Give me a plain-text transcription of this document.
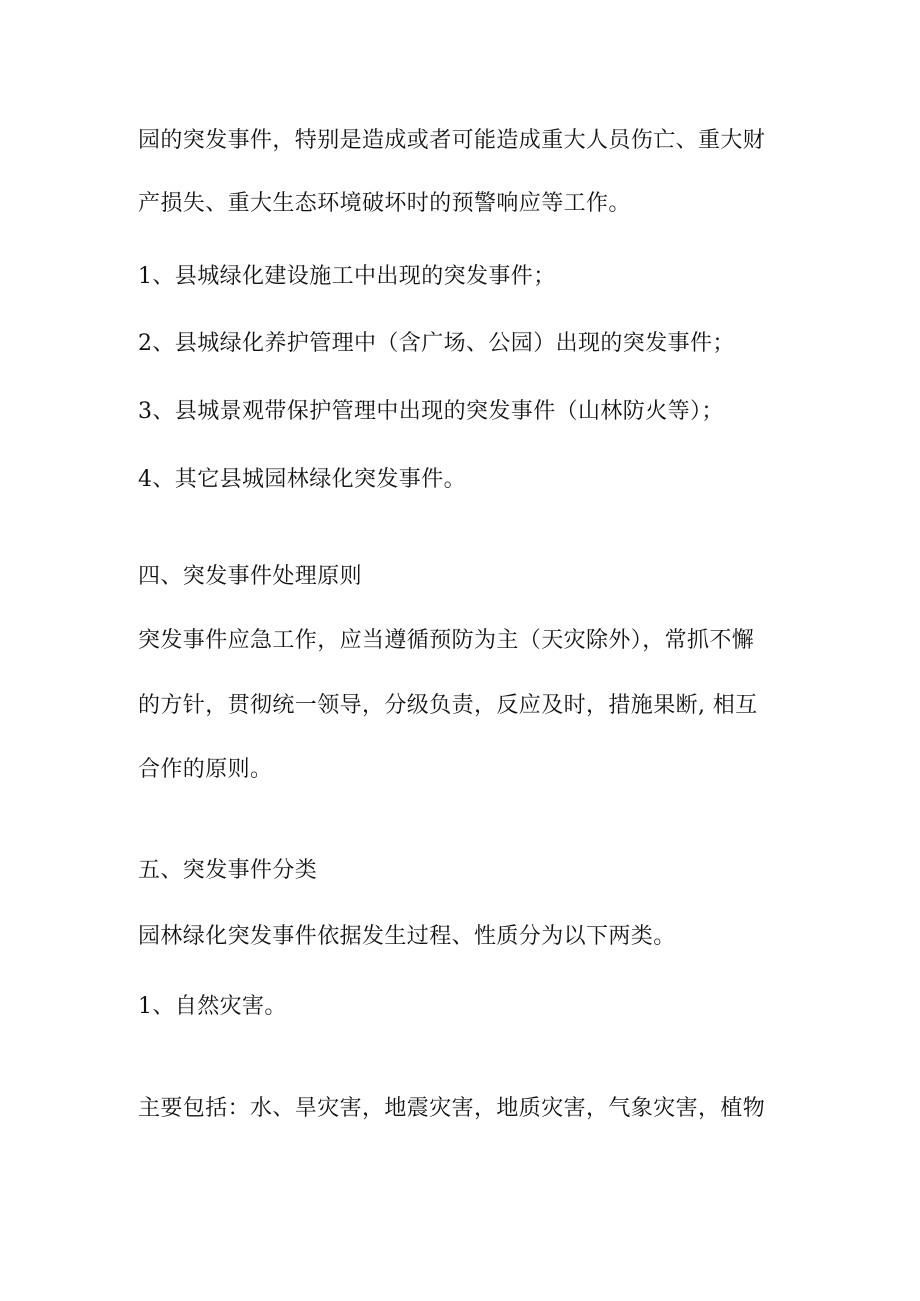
园的突发事件，特别是造成或者可能造成重大人员伤亡、重大财
产损失、重大生态环境破坏时的预警响应等工作。
1、县城绿化建设施工中出现的突发事件；
2、县城绿化养护管理中（含广场、公园）出现的突发事件；
3、县城景观带保护管理中出现的突发事件（山林防火等）；
4、其它县城园林绿化突发事件。
四、突发事件处理原则
突发事件应急工作，应当遵循预防为主（天灾除外），常抓不懈
的方针，贯彻统一领导，分级负责，反应及时，措施果断, 相互
合作的原则。
五、突发事件分类
园林绿化突发事件依据发生过程、性质分为以下两类。
1、自然灾害。
主要包括：水、旱灾害，地震灾害，地质灾害，气象灾害，植物
